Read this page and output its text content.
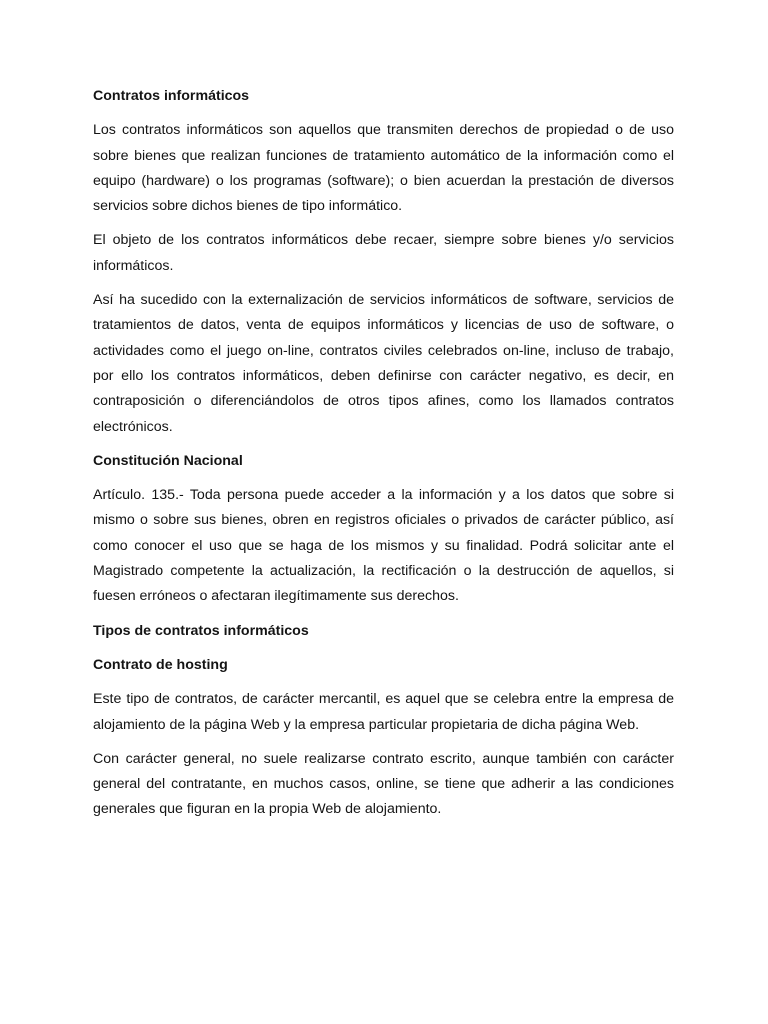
Contratos informáticos
Los contratos informáticos son aquellos que transmiten derechos de propiedad o de uso sobre bienes que realizan funciones de tratamiento automático de la información como el equipo (hardware) o los programas (software); o bien acuerdan la prestación de diversos servicios sobre dichos bienes de tipo informático.
El objeto de los contratos informáticos debe recaer, siempre sobre bienes y/o servicios informáticos.
Así ha sucedido con la externalización de servicios informáticos de software, servicios de tratamientos de datos, venta de equipos informáticos y licencias de uso de software, o actividades como el juego on-line, contratos civiles celebrados on-line, incluso de trabajo, por ello los contratos informáticos, deben definirse con carácter negativo, es decir, en contraposición o diferenciándolos de otros tipos afines, como los llamados contratos electrónicos.
Constitución Nacional
Artículo. 135.- Toda persona puede acceder a la información y a los datos que sobre si mismo o sobre sus bienes, obren en registros oficiales o privados de carácter público, así como conocer el uso que se haga de los mismos y su finalidad. Podrá solicitar ante el Magistrado competente la actualización, la rectificación o la destrucción de aquellos, si fuesen erróneos o afectaran ilegítimamente sus derechos.
Tipos de contratos informáticos
Contrato de hosting
Este tipo de contratos, de carácter mercantil, es aquel que se celebra entre la empresa de alojamiento de la página Web y la empresa particular propietaria de dicha página Web.
Con carácter general, no suele realizarse contrato escrito, aunque también con carácter general del contratante, en muchos casos, online, se tiene que adherir a las condiciones generales que figuran en la propia Web de alojamiento.
